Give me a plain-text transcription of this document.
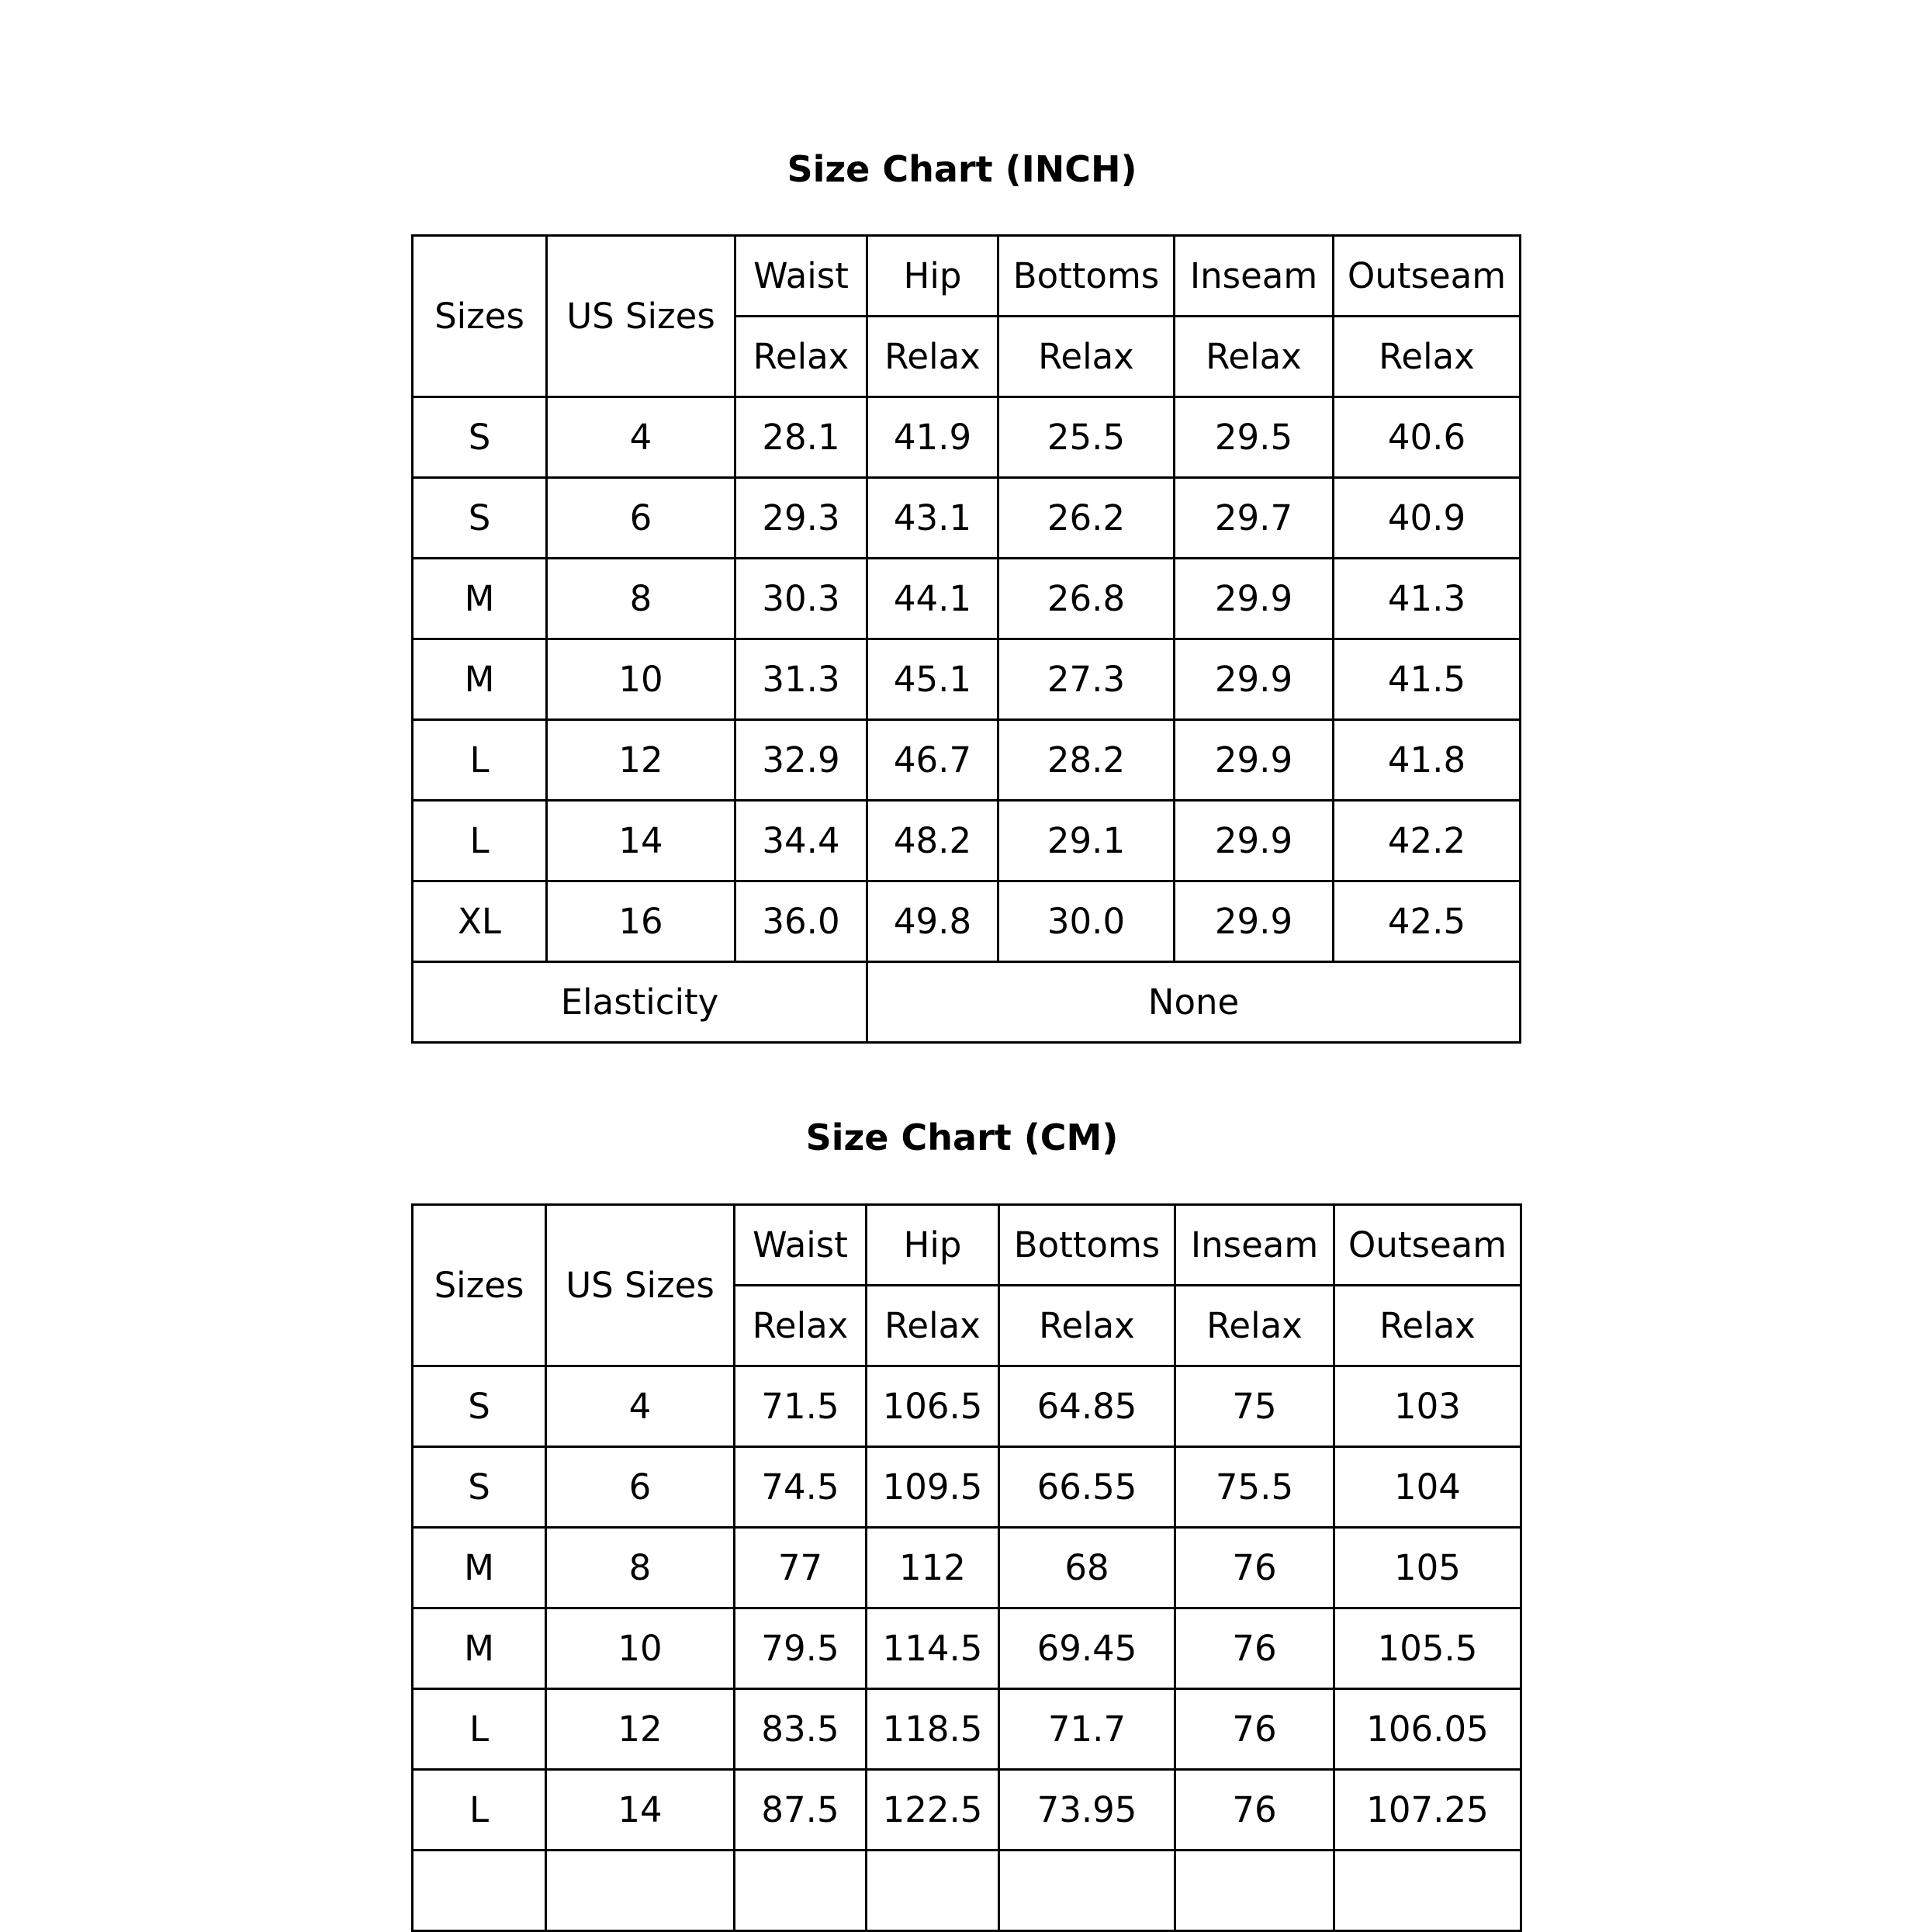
Size Chart (INCH)
Sizes	US Sizes	Waist	Hip	Bottoms	Inseam	Outseam
		Relax	Relax	Relax	Relax	Relax
S	4	28.1	41.9	25.5	29.5	40.6
S	6	29.3	43.1	26.2	29.7	40.9
M	8	30.3	44.1	26.8	29.9	41.3
M	10	31.3	45.1	27.3	29.9	41.5
L	12	32.9	46.7	28.2	29.9	41.8
L	14	34.4	48.2	29.1	29.9	42.2
XL	16	36.0	49.8	30.0	29.9	42.5
Elasticity			None			
Size Chart (CM)
Sizes	US Sizes	Waist	Hip	Bottoms	Inseam	Outseam
		Relax	Relax	Relax	Relax	Relax
S	4	71.5	106.5	64.85	75	103
S	6	74.5	109.5	66.55	75.5	104
M	8	77	112	68	76	105
M	10	79.5	114.5	69.45	76	105.5
L	12	83.5	118.5	71.7	76	106.05
L	14	87.5	122.5	73.95	76	107.25
